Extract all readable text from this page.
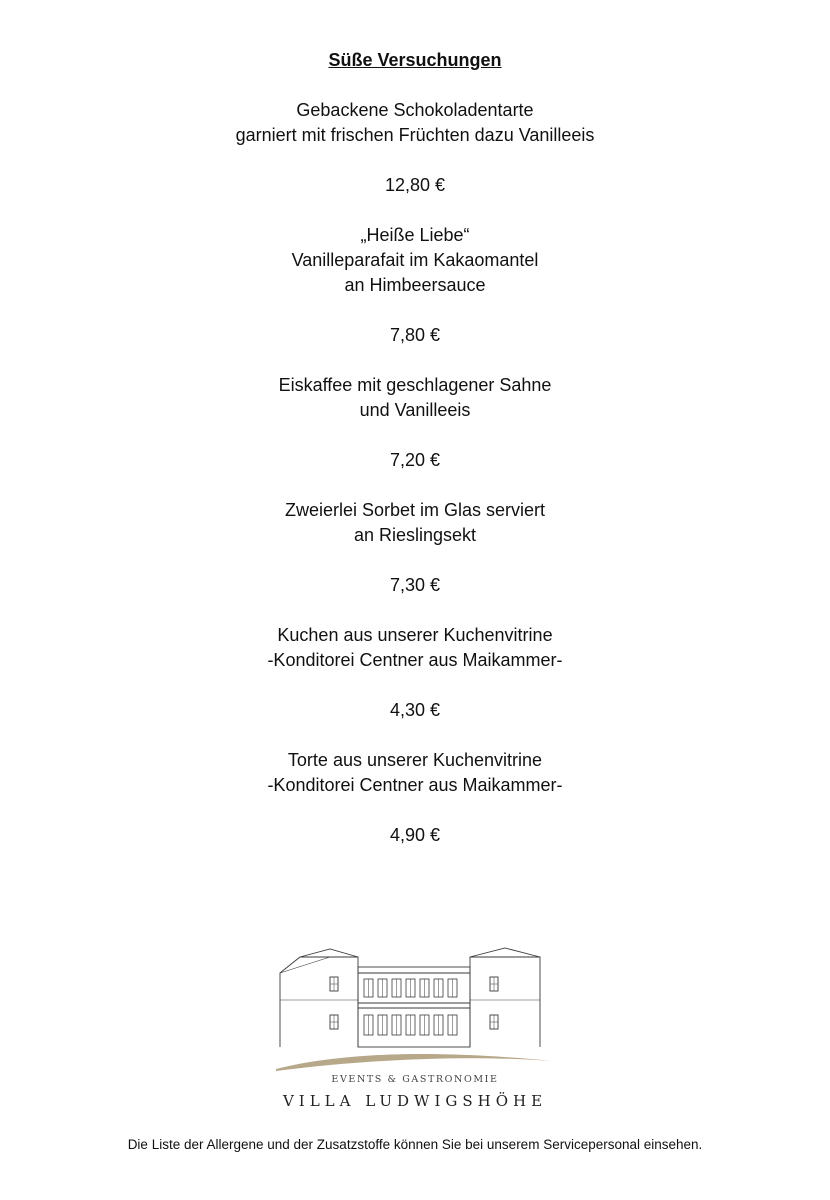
Süße Versuchungen
Gebackene Schokoladentarte
garniert mit frischen Früchten dazu Vanilleeis
12,80 €
„Heiße Liebe“
Vanilleparafait im Kakaomantel
an Himbeersauce
7,80 €
Eiskaffee mit geschlagener Sahne
und Vanilleeis
7,20 €
Zweierlei Sorbet im Glas serviert
an Rieslingsekt
7,30 €
Kuchen aus unserer Kuchenvitrine
-Konditorei Centner aus Maikammer-
4,30 €
Torte aus unserer Kuchenvitrine
-Konditorei Centner aus Maikammer-
4,90 €
EVENTS & GASTRONOMIE
VILLA LUDWIGSHÖHE
Die Liste der Allergene und der Zusatzstoffe können Sie bei unserem Servicepersonal einsehen.
